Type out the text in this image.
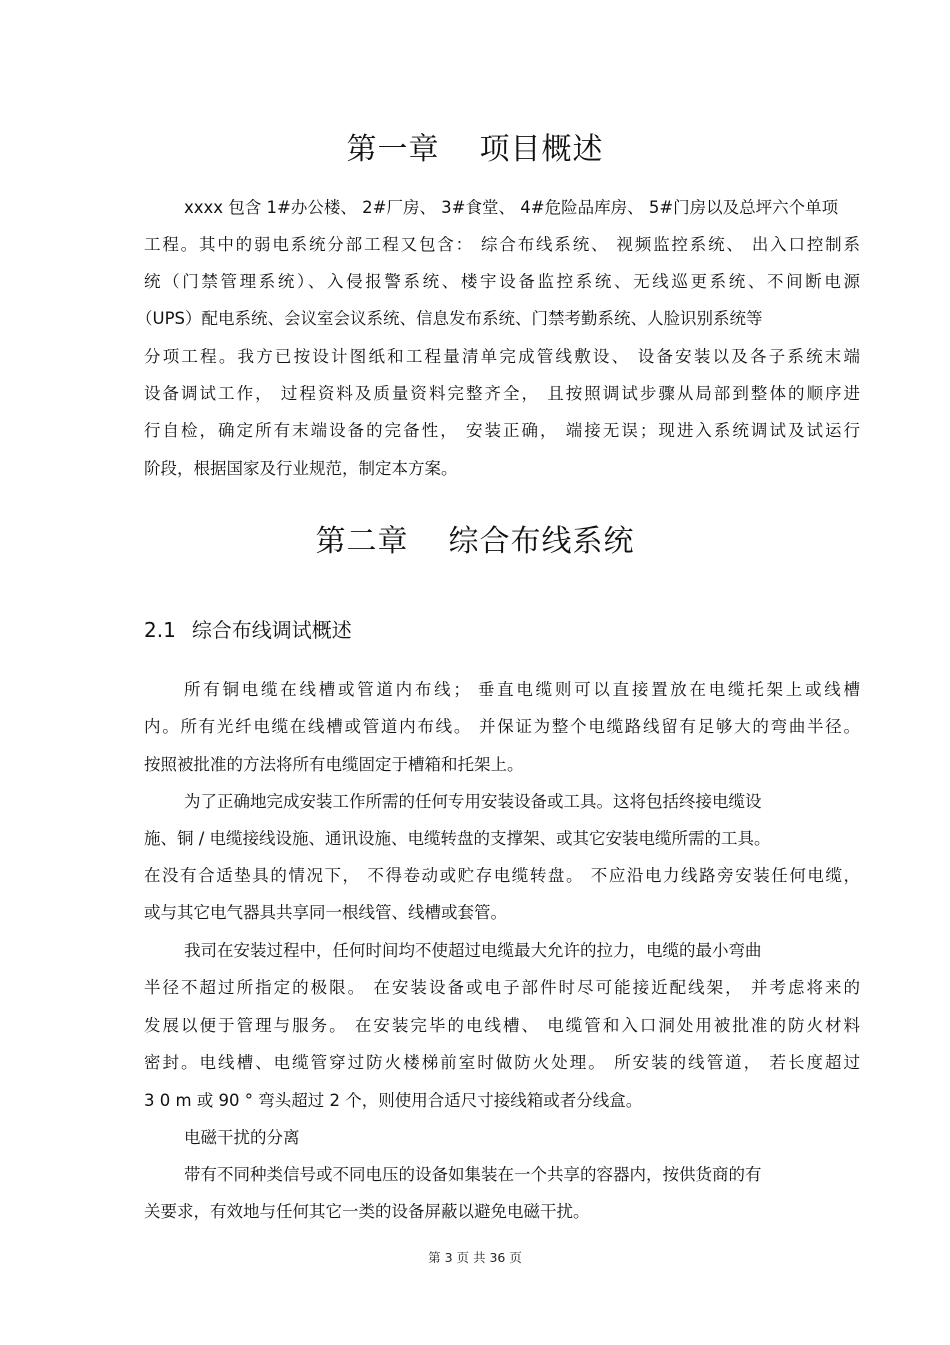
第一章 项目概述

xxxx 包含 1#办公楼、 2#厂房、 3#食堂、 4#危险品库房、 5#门房以及总坪六个单项

工程。其中的弱电系统分部工程又包含： 综合布线系统、 视频监控系统、 出入口控制系

统（门禁管理系统）、入侵报警系统、楼宇设备监控系统、无线巡更系统、不间断电源

（UPS）配电系统、会议室会议系统、信息发布系统、门禁考勤系统、人脸识别系统等

分项工程。我方已按设计图纸和工程量清单完成管线敷设、 设备安装以及各子系统末端

设备调试工作， 过程资料及质量资料完整齐全， 且按照调试步骤从局部到整体的顺序进

行自检，确定所有末端设备的完备性， 安装正确， 端接无误；现进入系统调试及试运行

阶段，根据国家及行业规范，制定本方案。

第二章 综合布线系统
2.1 综合布线调试概述

所有铜电缆在线槽或管道内布线； 垂直电缆则可以直接置放在电缆托架上或线槽

内。所有光纤电缆在线槽或管道内布线。 并保证为整个电缆路线留有足够大的弯曲半径。

按照被批准的方法将所有电缆固定于槽箱和托架上。

为了正确地完成安装工作所需的任何专用安装设备或工具。这将包括终接电缆设

施、铜 / 电缆接线设施、通讯设施、电缆转盘的支撑架、或其它安装电缆所需的工具。

在没有合适垫具的情况下， 不得卷动或贮存电缆转盘。 不应沿电力线路旁安装任何电缆，

或与其它电气器具共享同一根线管、线槽或套管。

我司在安装过程中，任何时间均不使超过电缆最大允许的拉力，电缆的最小弯曲

半径不超过所指定的极限。 在安装设备或电子部件时尽可能接近配线架， 并考虑将来的

发展以便于管理与服务。 在安装完毕的电线槽、 电缆管和入口洞处用被批准的防火材料

密封。电线槽、电缆管穿过防火楼梯前室时做防火处理。 所安装的线管道， 若长度超过

3 0 m 或 90 ° 弯头超过 2 个，则使用合适尺寸接线箱或者分线盒。

电磁干扰的分离

带有不同种类信号或不同电压的设备如集装在一个共享的容器内，按供货商的有

关要求，有效地与任何其它一类的设备屏蔽以避免电磁干扰。

第 3 页 共 36 页
